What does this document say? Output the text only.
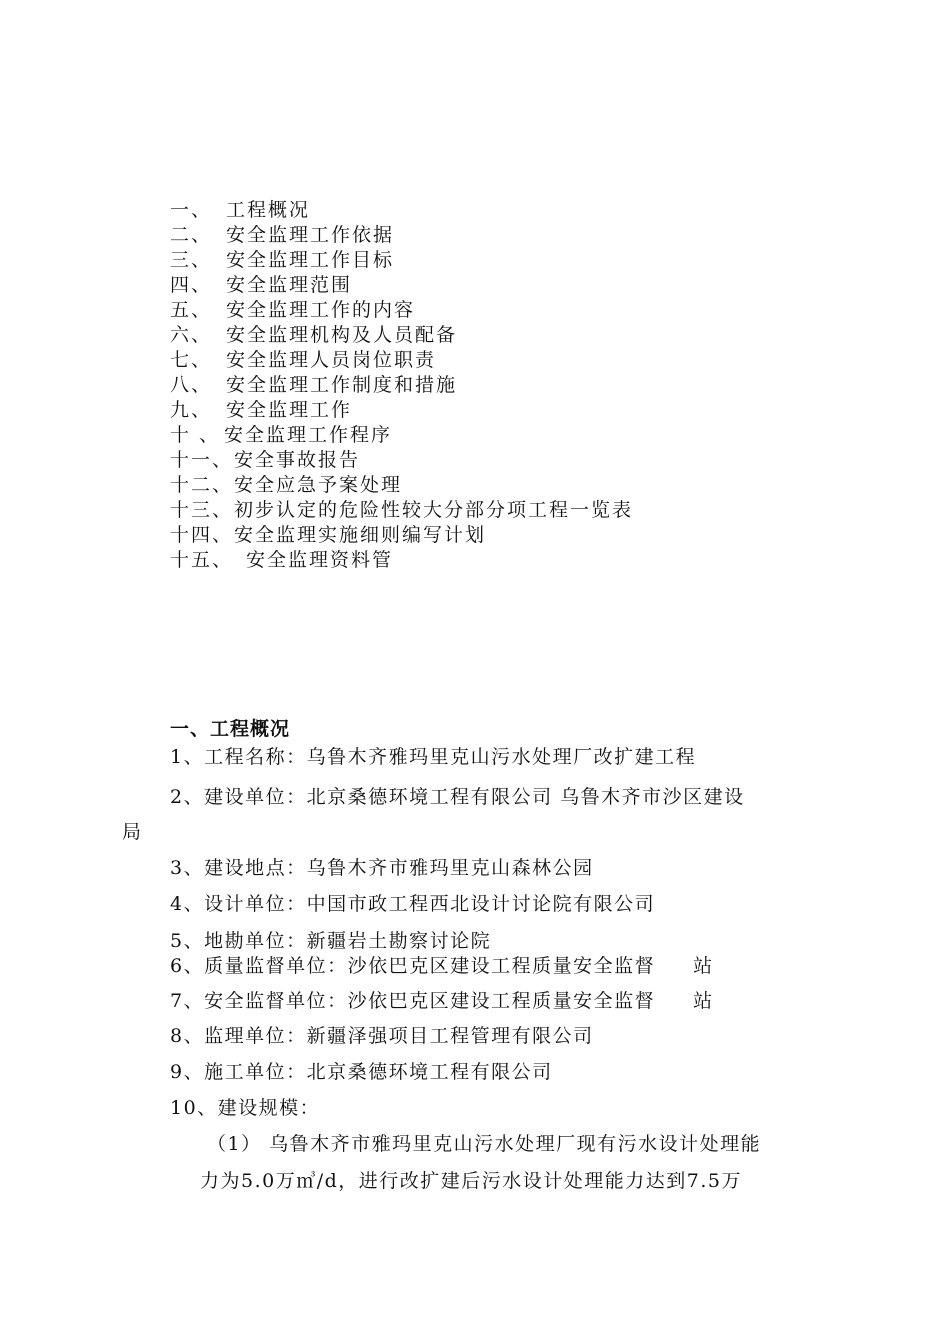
一、 工程概况
二、 安全监理工作依据
三、 安全监理工作目标
四、 安全监理范围
五、 安全监理工作的内容
六、 安全监理机构及人员配备
七、 安全监理人员岗位职责
八、 安全监理工作制度和措施
九、 安全监理工作
十 、 安全监理工作程序
十一、安全事故报告
十二、安全应急予案处理
十三、初步认定的危险性较大分部分项工程一览表
十四、安全监理实施细则编写计划
十五、 安全监理资料管
一、工程概况
1、工程名称：乌鲁木齐雅玛里克山污水处理厂改扩建工程
2、建设单位：北京桑德环境工程有限公司 乌鲁木齐市沙区建设
局
3、建设地点：乌鲁木齐市雅玛里克山森林公园
4、设计单位：中国市政工程西北设计讨论院有限公司
5、地勘单位：新疆岩土勘察讨论院
6、质量监督单位：沙依巴克区建设工程质量安全监督 站
7、安全监督单位：沙依巴克区建设工程质量安全监督 站
8、监理单位：新疆泽强项目工程管理有限公司
9、施工单位：北京桑德环境工程有限公司
10、建设规模：
（1） 乌鲁木齐市雅玛里克山污水处理厂现有污水设计处理能
力为5.0万㎥/d，进行改扩建后污水设计处理能力达到7.5万
